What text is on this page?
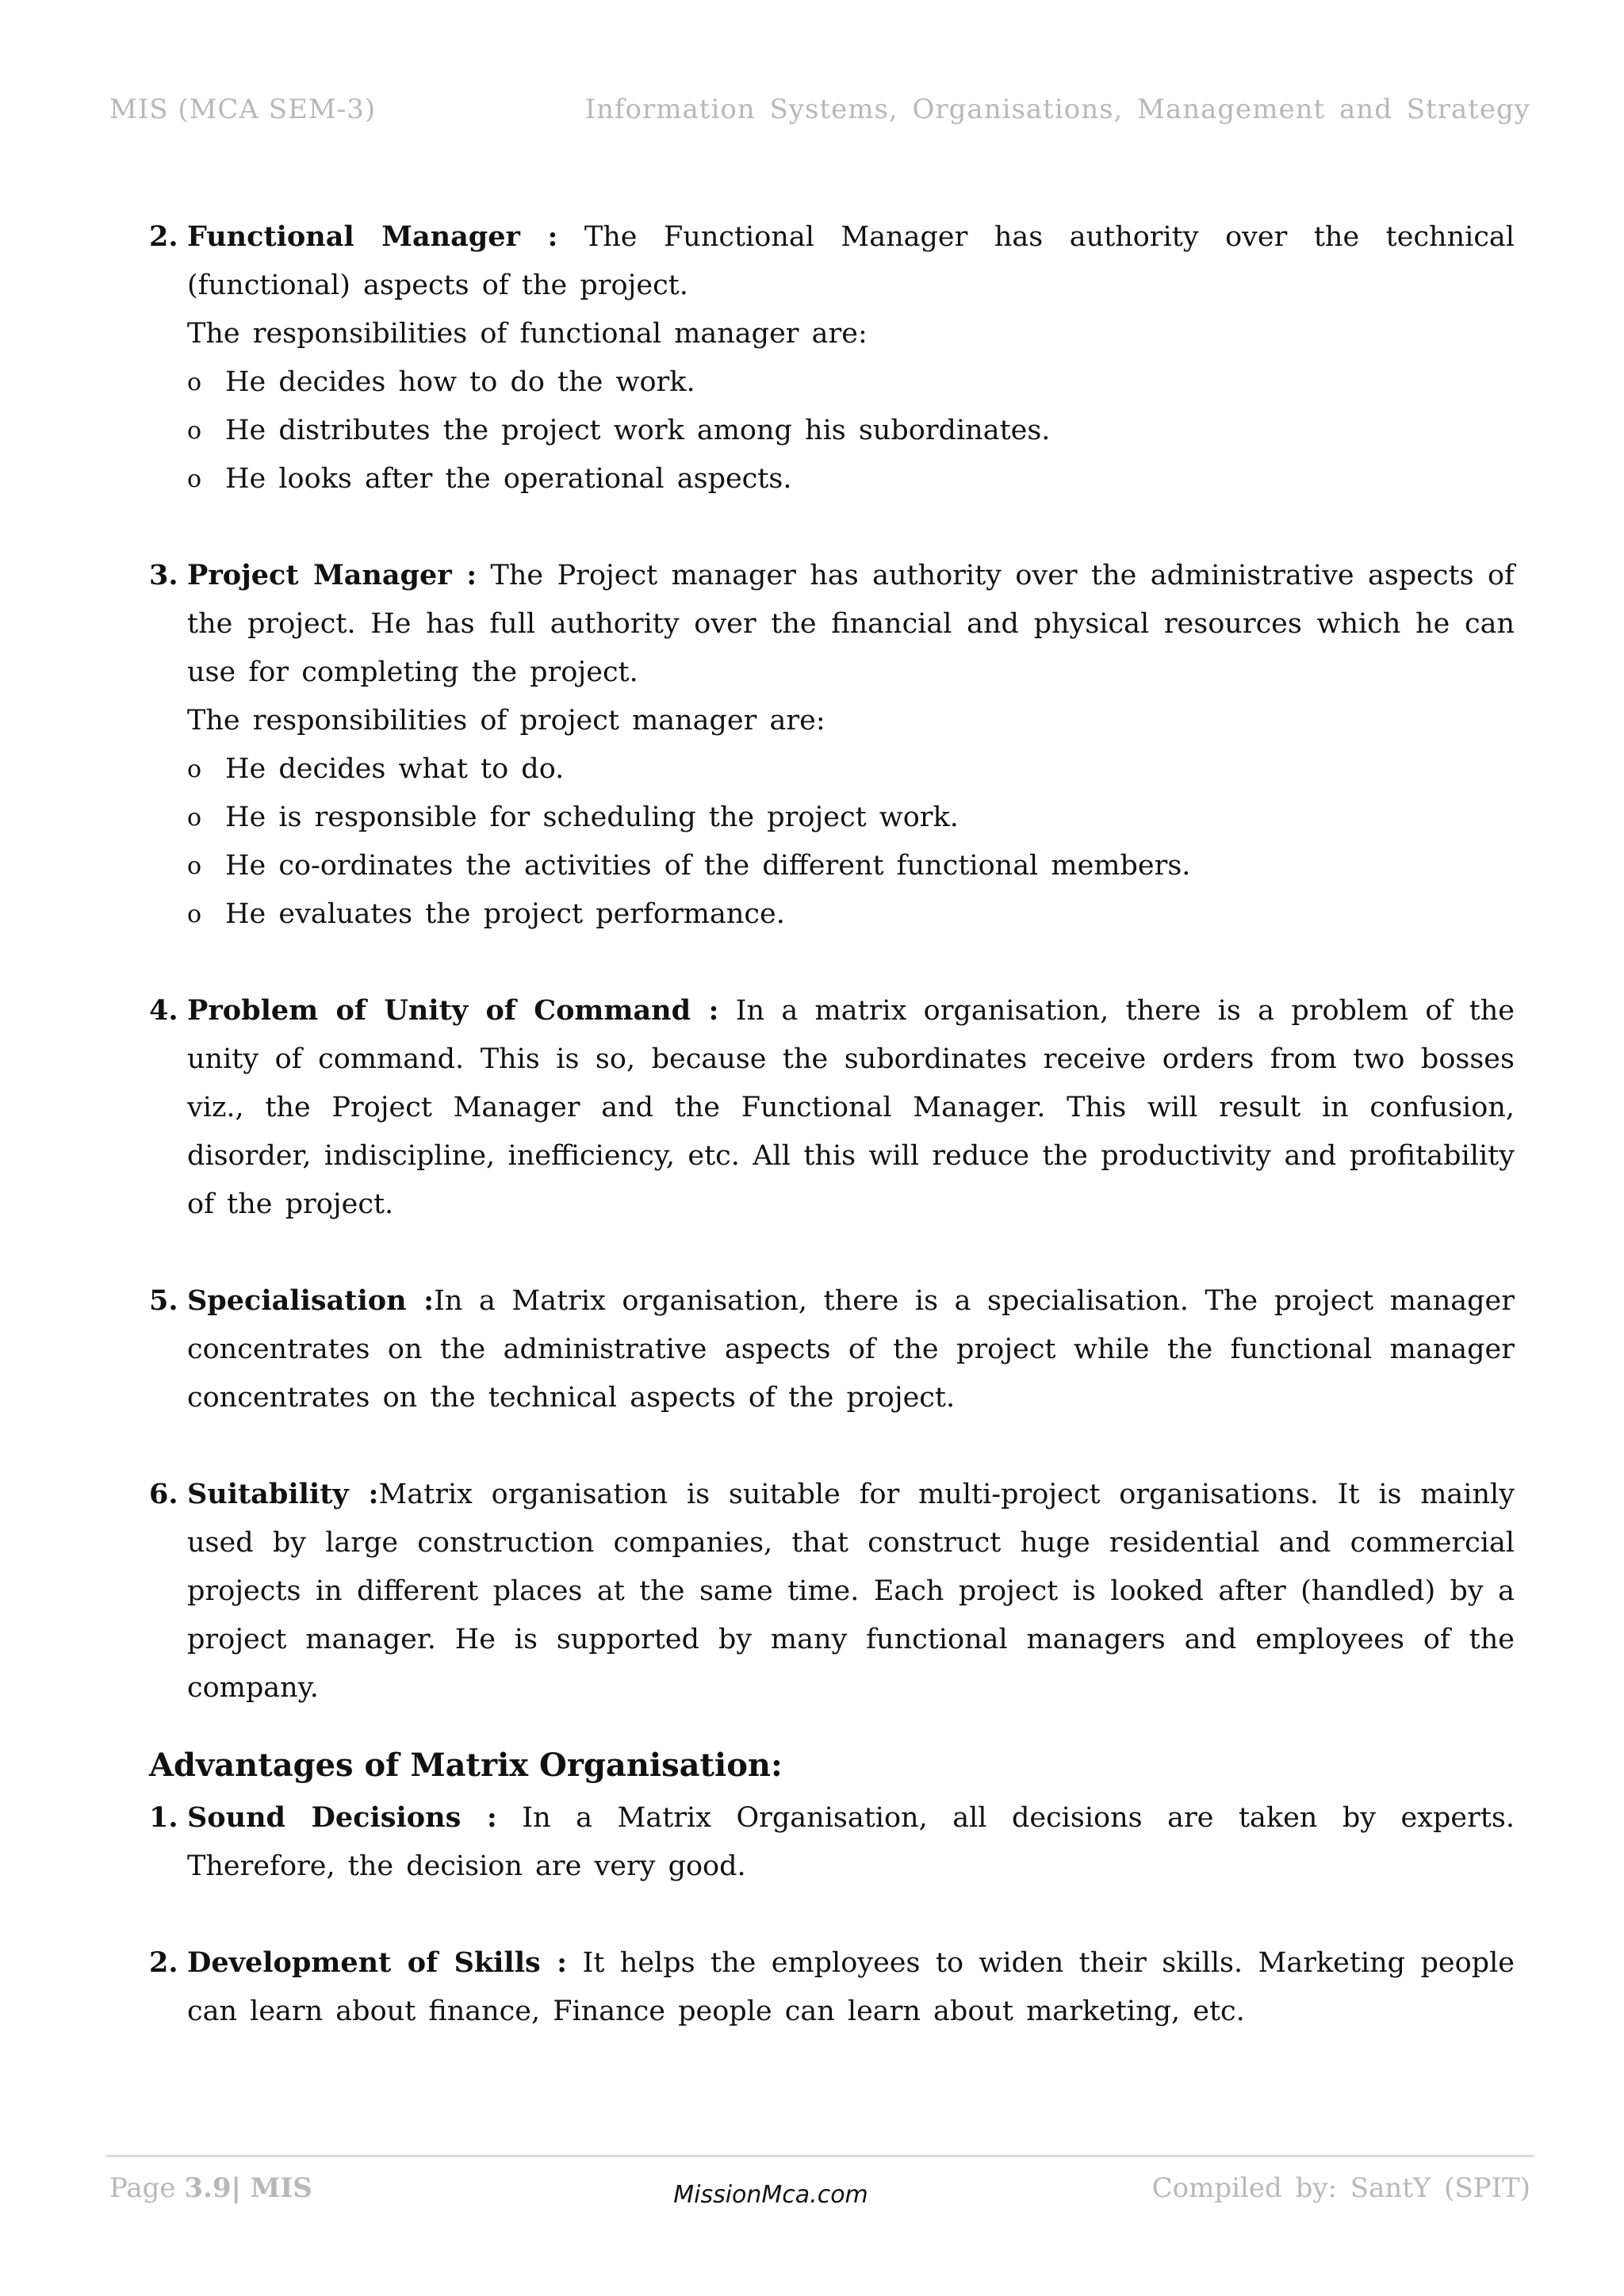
MIS (MCA SEM-3)	Information Systems, Organisations, Management and Strategy
2. Functional Manager : The Functional Manager has authority over the technical (functional) aspects of the project.
The responsibilities of functional manager are:
o He decides how to do the work.
o He distributes the project work among his subordinates.
o He looks after the operational aspects.
3. Project Manager : The Project manager has authority over the administrative aspects of the project. He has full authority over the financial and physical resources which he can use for completing the project.
The responsibilities of project manager are:
o He decides what to do.
o He is responsible for scheduling the project work.
o He co-ordinates the activities of the different functional members.
o He evaluates the project performance.
4. Problem of Unity of Command : In a matrix organisation, there is a problem of the unity of command. This is so, because the subordinates receive orders from two bosses viz., the Project Manager and the Functional Manager. This will result in confusion, disorder, indiscipline, inefficiency, etc. All this will reduce the productivity and profitability of the project.
5. Specialisation :In a Matrix organisation, there is a specialisation. The project manager concentrates on the administrative aspects of the project while the functional manager concentrates on the technical aspects of the project.
6. Suitability :Matrix organisation is suitable for multi-project organisations. It is mainly used by large construction companies, that construct huge residential and commercial projects in different places at the same time. Each project is looked after (handled) by a project manager. He is supported by many functional managers and employees of the company.
Advantages of Matrix Organisation:
1. Sound Decisions : In a Matrix Organisation, all decisions are taken by experts. Therefore, the decision are very good.
2. Development of Skills : It helps the employees to widen their skills. Marketing people can learn about finance, Finance people can learn about marketing, etc.
Page 3.9| MIS	MissionMca.com	Compiled by: SantY (SPIT)
